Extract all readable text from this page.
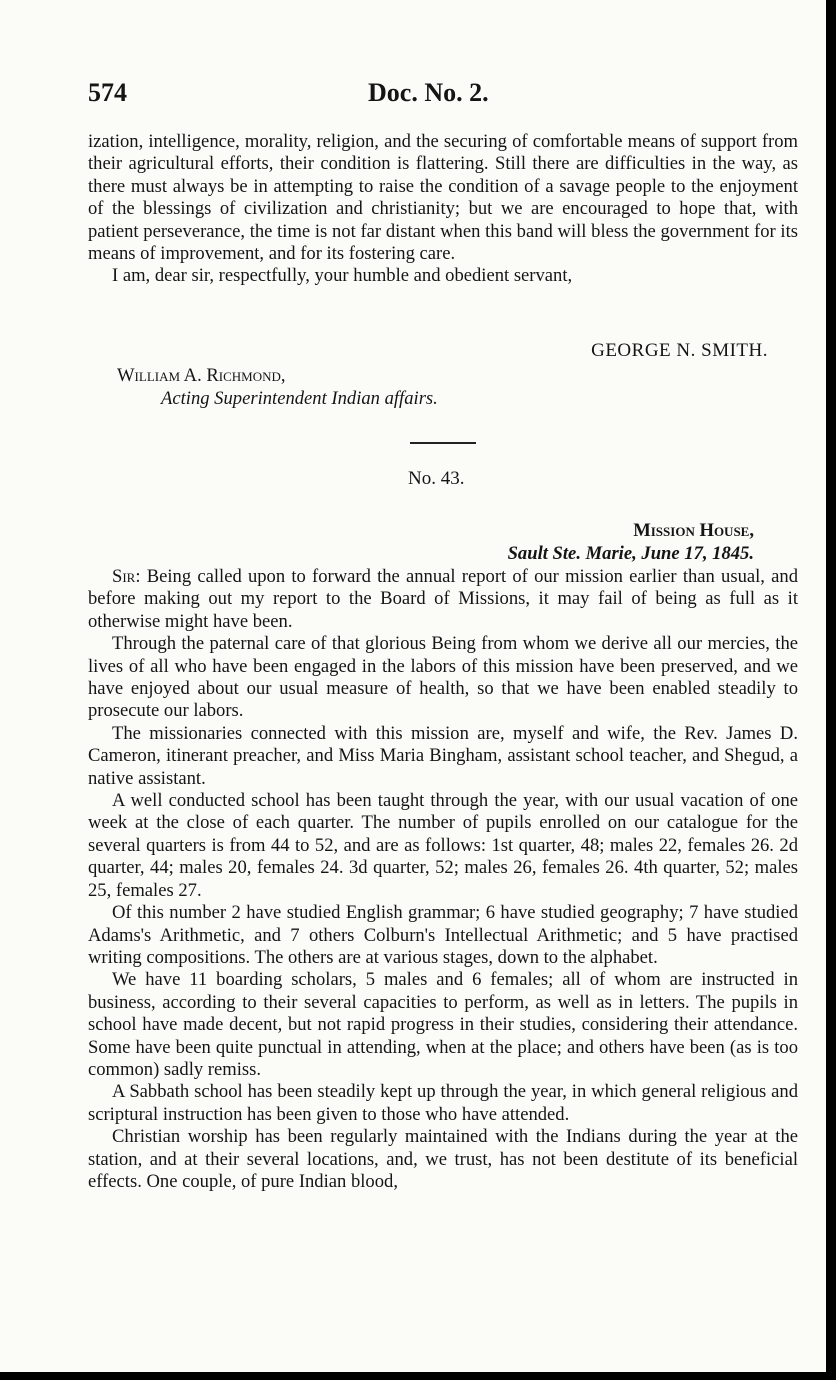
574	Doc. No. 2.

ization, intelligence, morality, religion, and the securing of comfortable means of support from their agricultural efforts, their condition is flattering. Still there are difficulties in the way, as there must always be in attempting to raise the condition of a savage people to the enjoyment of the blessings of civilization and christianity; but we are encouraged to hope that, with patient perseverance, the time is not far distant when this band will bless the government for its means of improvement, and for its fostering care.

I am, dear sir, respectfully, your humble and obedient servant,

GEORGE N. SMITH.
William A. Richmond,
Acting Superintendent Indian affairs.
No. 43.
Mission House,
Sault Ste. Marie, June 17, 1845.

Sir: Being called upon to forward the annual report of our mission earlier than usual, and before making out my report to the Board of Missions, it may fail of being as full as it otherwise might have been.

Through the paternal care of that glorious Being from whom we derive all our mercies, the lives of all who have been engaged in the labors of this mission have been preserved, and we have enjoyed about our usual measure of health, so that we have been enabled steadily to prosecute our labors.

The missionaries connected with this mission are, myself and wife, the Rev. James D. Cameron, itinerant preacher, and Miss Maria Bingham, assistant school teacher, and Shegud, a native assistant.

A well conducted school has been taught through the year, with our usual vacation of one week at the close of each quarter. The number of pupils enrolled on our catalogue for the several quarters is from 44 to 52, and are as follows: 1st quarter, 48; males 22, females 26. 2d quarter, 44; males 20, females 24. 3d quarter, 52; males 26, females 26. 4th quarter, 52; males 25, females 27.

Of this number 2 have studied English grammar; 6 have studied geography; 7 have studied Adams's Arithmetic, and 7 others Colburn's Intellectual Arithmetic; and 5 have practised writing compositions. The others are at various stages, down to the alphabet.

We have 11 boarding scholars, 5 males and 6 females; all of whom are instructed in business, according to their several capacities to perform, as well as in letters. The pupils in school have made decent, but not rapid progress in their studies, considering their attendance. Some have been quite punctual in attending, when at the place; and others have been (as is too common) sadly remiss.

A Sabbath school has been steadily kept up through the year, in which general religious and scriptural instruction has been given to those who have attended.

Christian worship has been regularly maintained with the Indians during the year at the station, and at their several locations, and, we trust, has not been destitute of its beneficial effects. One couple, of pure Indian blood,
